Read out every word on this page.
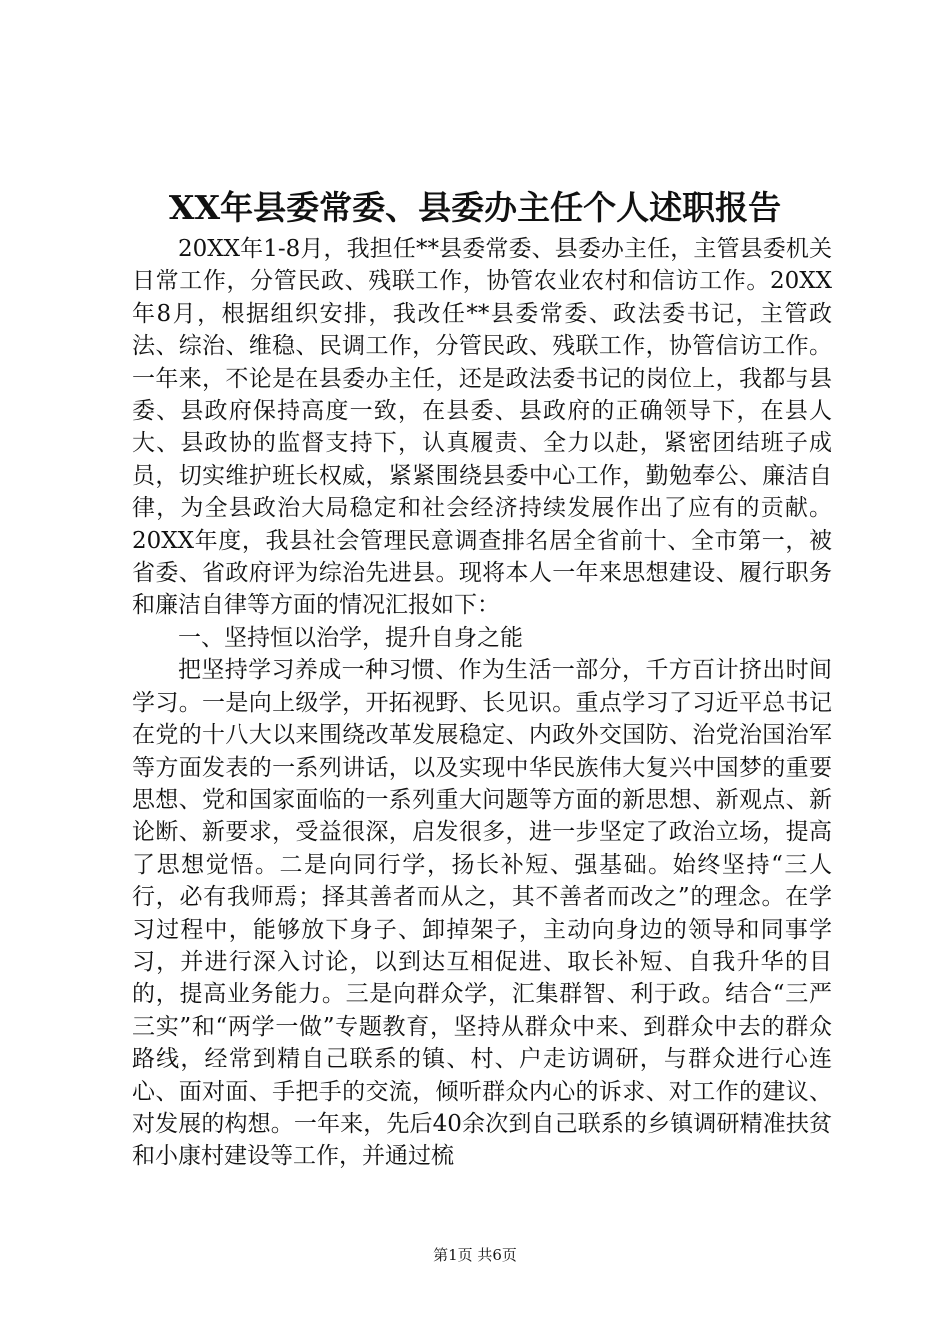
XX年县委常委、县委办主任个人述职报告

20XX年1-8月，我担任**县委常委、县委办主任，主管县委机关日常工作，分管民政、残联工作，协管农业农村和信访工作。20XX年8月，根据组织安排，我改任**县委常委、政法委书记，主管政法、综治、维稳、民调工作，分管民政、残联工作，协管信访工作。一年来，不论是在县委办主任，还是政法委书记的岗位上，我都与县委、县政府保持高度一致，在县委、县政府的正确领导下，在县人大、县政协的监督支持下，认真履责、全力以赴，紧密团结班子成员，切实维护班长权威，紧紧围绕县委中心工作，勤勉奉公、廉洁自律，为全县政治大局稳定和社会经济持续发展作出了应有的贡献。20XX年度，我县社会管理民意调查排名居全省前十、全市第一，被省委、省政府评为综治先进县。现将本人一年来思想建设、履行职务和廉洁自律等方面的情况汇报如下：

一、坚持恒以治学，提升自身之能

把坚持学习养成一种习惯、作为生活一部分，千方百计挤出时间学习。一是向上级学，开拓视野、长见识。重点学习了习近平总书记在党的十八大以来围绕改革发展稳定、内政外交国防、治党治国治军等方面发表的一系列讲话，以及实现中华民族伟大复兴中国梦的重要思想、党和国家面临的一系列重大问题等方面的新思想、新观点、新论断、新要求，受益很深，启发很多，进一步坚定了政治立场，提高了思想觉悟。二是向同行学，扬长补短、强基础。始终坚持“三人行，必有我师焉；择其善者而从之，其不善者而改之”的理念。在学习过程中，能够放下身子、卸掉架子，主动向身边的领导和同事学习，并进行深入讨论，以到达互相促进、取长补短、自我升华的目的，提高业务能力。三是向群众学，汇集群智、利于政。结合“三严三实”和“两学一做”专题教育，坚持从群众中来、到群众中去的群众路线，经常到精自己联系的镇、村、户走访调研，与群众进行心连心、面对面、手把手的交流，倾听群众内心的诉求、对工作的建议、对发展的构想。一年来，先后40余次到自己联系的乡镇调研精准扶贫和小康村建设等工作，并通过梳

第1页 共6页
